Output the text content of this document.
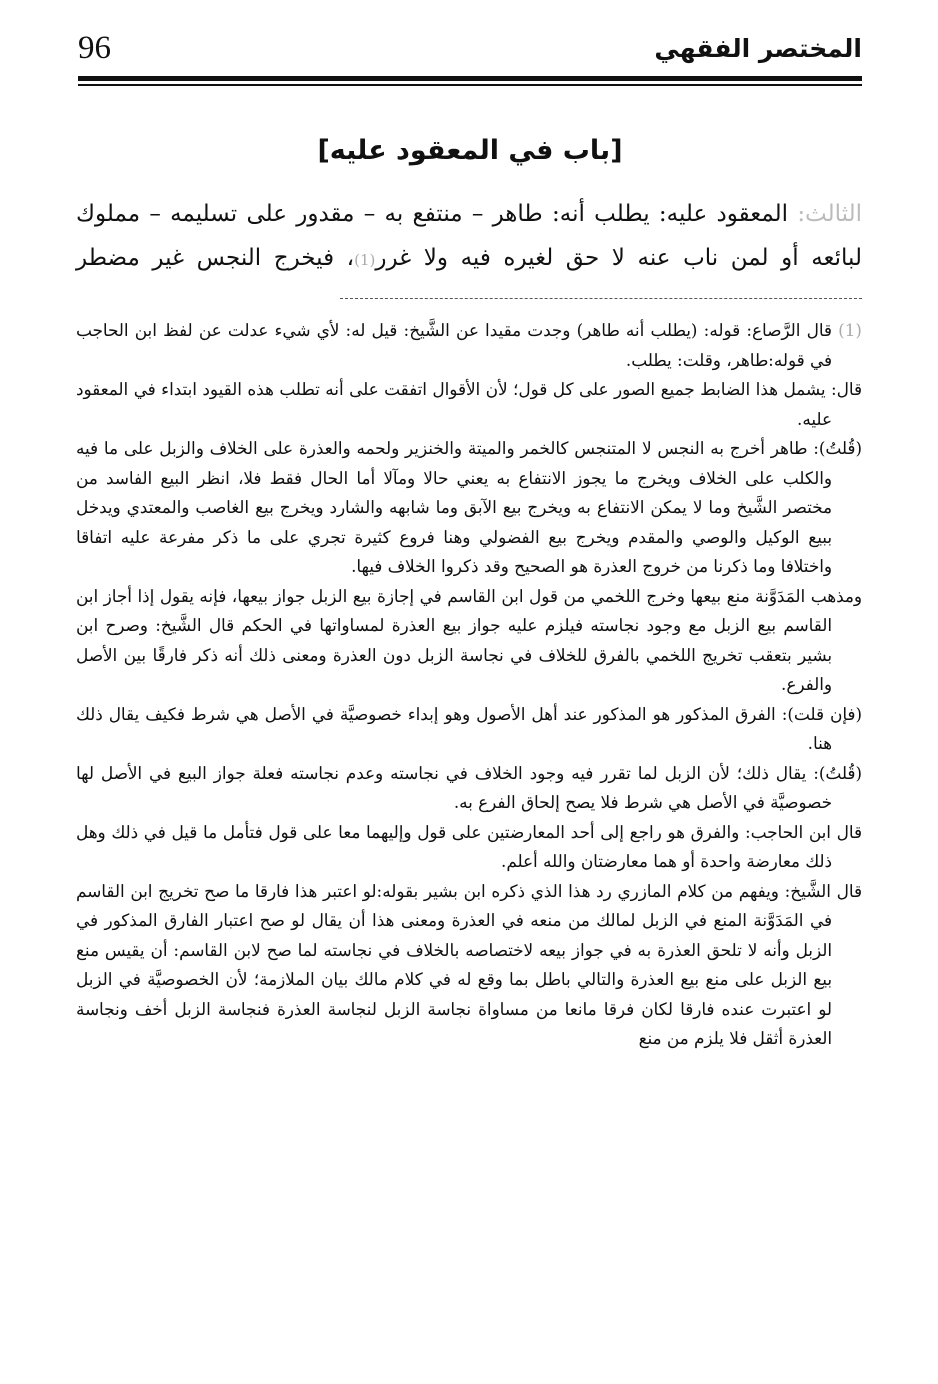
96	المختصر الفقهي
[باب في المعقود عليه]

الثالث: المعقود عليه: يطلب أنه: طاهر – منتفع به – مقدور على تسليمه – مملوك لبائعه أو لمن ناب عنه لا حق لغيره فيه ولا غرر(1)، فيخرج النجس غير مضطر

(1) قال الرَّصاع: قوله: (يطلب أنه طاهر) وجدت مقيدا عن الشَّيخ: قيل له: لأي شيء عدلت عن لفظ ابن الحاجب في قوله:طاهر، وقلت: يطلب.

قال: يشمل هذا الضابط جميع الصور على كل قول؛ لأن الأقوال اتفقت على أنه تطلب هذه القيود ابتداء في المعقود عليه.

(قُلتُ): طاهر أخرج به النجس لا المتنجس كالخمر والميتة والخنزير ولحمه والعذرة على الخلاف والزبل على ما فيه والكلب على الخلاف ويخرج ما يجوز الانتفاع به يعني حالا ومآلا أما الحال فقط فلا، انظر البيع الفاسد من مختصر الشَّيخ وما لا يمكن الانتفاع به ويخرج بيع الآبق وما شابهه والشارد ويخرج بيع الغاصب والمعتدي ويدخل ببيع الوكيل والوصي والمقدم ويخرج بيع الفضولي وهنا فروع كثيرة تجري على ما ذكر مفرعة عليه اتفاقا واختلافا وما ذكرنا من خروج العذرة هو الصحيح وقد ذكروا الخلاف فيها.

ومذهب المَدَوَّنة منع بيعها وخرج اللخمي من قول ابن القاسم في إجازة بيع الزبل جواز بيعها، فإنه يقول إذا أجاز ابن القاسم بيع الزبل مع وجود نجاسته فيلزم عليه جواز بيع العذرة لمساواتها في الحكم قال الشَّيخ: وصرح ابن بشير بتعقب تخريج اللخمي بالفرق للخلاف في نجاسة الزبل دون العذرة ومعنى ذلك أنه ذكر فارقًا بين الأصل والفرع.

(فإن قلت): الفرق المذكور هو المذكور عند أهل الأصول وهو إبداء خصوصيَّة في الأصل هي شرط فكيف يقال ذلك هنا.

(قُلتُ): يقال ذلك؛ لأن الزبل لما تقرر فيه وجود الخلاف في نجاسته وعدم نجاسته فعلة جواز البيع في الأصل لها خصوصيَّة في الأصل هي شرط فلا يصح إلحاق الفرع به.

قال ابن الحاجب: والفرق هو راجع إلى أحد المعارضتين على قول وإليهما معا على قول فتأمل ما قيل في ذلك وهل ذلك معارضة واحدة أو هما معارضتان والله أعلم.

قال الشَّيخ: ويفهم من كلام المازري رد هذا الذي ذكره ابن بشير بقوله:لو اعتبر هذا فارقا ما صح تخريج ابن القاسم في المَدَوَّنة المنع في الزبل لمالك من منعه في العذرة ومعنى هذا أن يقال لو صح اعتبار الفارق المذكور في الزبل وأنه لا تلحق العذرة به في جواز بيعه لاختصاصه بالخلاف في نجاسته لما صح لابن القاسم: أن يقيس منع بيع الزبل على منع بيع العذرة والتالي باطل بما وقع له في كلام مالك بيان الملازمة؛ لأن الخصوصيَّة في الزبل لو اعتبرت عنده فارقا لكان فرقا مانعا من مساواة نجاسة الزبل لنجاسة العذرة فنجاسة الزبل أخف ونجاسة العذرة أثقل فلا يلزم من منع
